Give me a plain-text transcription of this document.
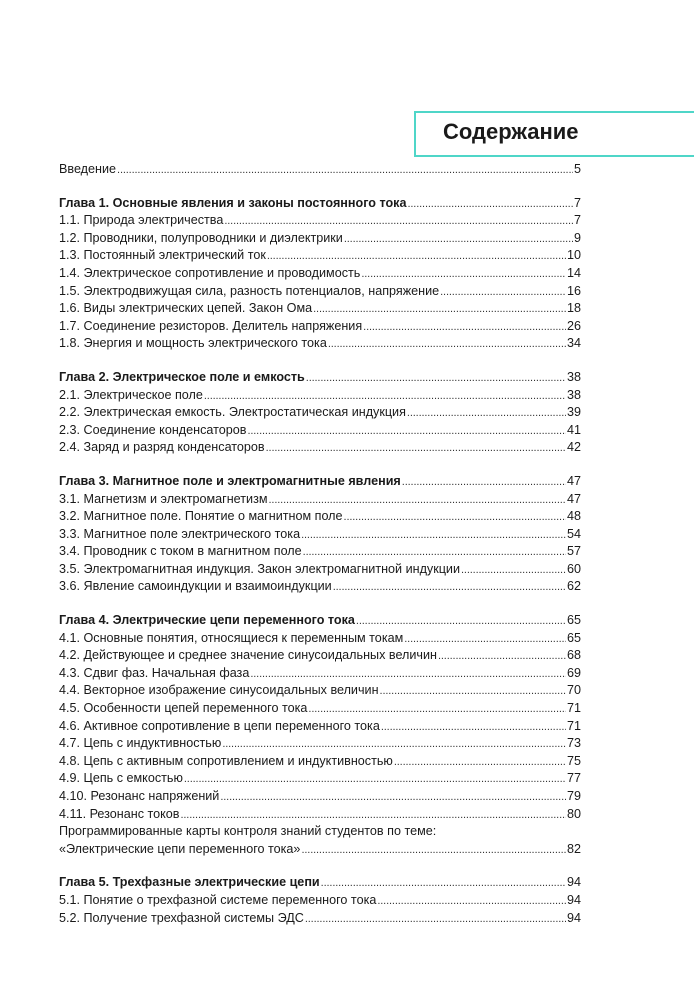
Содержание
Введение . . .	5
Глава 1. Основные явления и законы постоянного тока . . .	7
1.1. Природа электричества . . .	7
1.2. Проводники, полупроводники и диэлектрики . . .	9
1.3. Постоянный электрический ток . . .	10
1.4. Электрическое сопротивление и проводимость . . .	14
1.5. Электродвижущая сила, разность потенциалов, напряжение . . .	16
1.6. Виды электрических цепей. Закон Ома . . .	18
1.7. Соединение резисторов. Делитель напряжения . . .	26
1.8. Энергия и мощность электрического тока . . .	34
Глава 2. Электрическое поле и емкость . . .	38
2.1. Электрическое поле . . .	38
2.2. Электрическая емкость. Электростатическая индукция . . .	39
2.3. Соединение конденсаторов . . .	41
2.4. Заряд и разряд конденсаторов . . .	42
Глава 3. Магнитное поле и электромагнитные явления . . .	47
3.1. Магнетизм и электромагнетизм . . .	47
3.2. Магнитное поле. Понятие о магнитном поле . . .	48
3.3. Магнитное поле электрического тока . . .	54
3.4. Проводник с током в магнитном поле . . .	57
3.5. Электромагнитная индукция. Закон электромагнитной индукции . . .	60
3.6. Явление самоиндукции и взаимоиндукции . . .	62
Глава 4. Электрические цепи переменного тока . . .	65
4.1. Основные понятия, относящиеся к переменным токам . . .	65
4.2. Действующее и среднее значение синусоидальных величин . . .	68
4.3. Сдвиг фаз. Начальная фаза . . .	69
4.4. Векторное изображение синусоидальных величин . . .	70
4.5. Особенности цепей переменного тока . . .	71
4.6. Активное сопротивление в цепи переменного тока . . .	71
4.7. Цепь с индуктивностью . . .	73
4.8. Цепь с активным сопротивлением и индуктивностью . . .	75
4.9. Цепь с емкостью . . .	77
4.10. Резонанс напряжений . . .	79
4.11. Резонанс токов . . .	80
Программированные карты контроля знаний студентов по теме:
«Электрические цепи переменного тока» . . .	82
Глава 5. Трехфазные электрические цепи . . .	94
5.1. Понятие о трехфазной системе переменного тока . . .	94
5.2. Получение трехфазной системы ЭДС . . .	94
